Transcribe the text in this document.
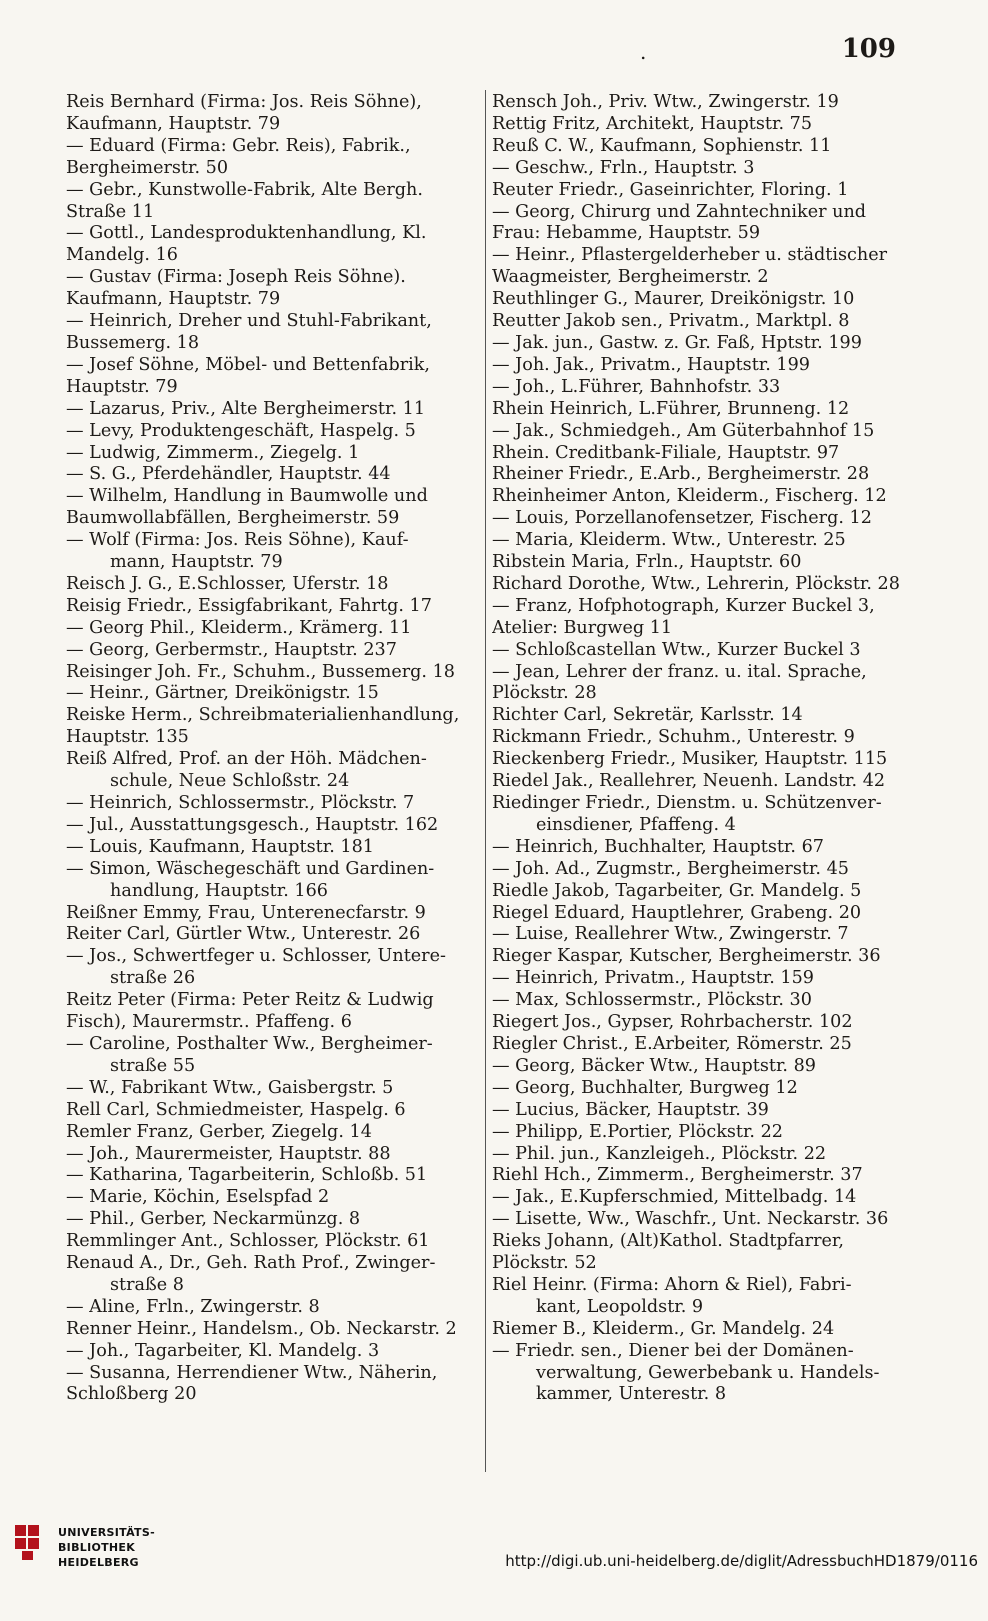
109
.
Reis Bernhard (Firma: Jos. Reis Söhne),
Kaufmann, Hauptstr. 79
— Eduard (Firma: Gebr. Reis), Fabrik.,
Bergheimerstr. 50
— Gebr., Kunstwolle-Fabrik, Alte Bergh.
Straße 11
— Gottl., Landesproduktenhandlung, Kl.
Mandelg. 16
— Gustav (Firma: Joseph Reis Söhne).
Kaufmann, Hauptstr. 79
— Heinrich, Dreher und Stuhl-Fabrikant,
Bussemerg. 18
— Josef Söhne, Möbel- und Bettenfabrik,
Hauptstr. 79
— Lazarus, Priv., Alte Bergheimerstr. 11
— Levy, Produktengeschäft, Haspelg. 5
— Ludwig, Zimmerm., Ziegelg. 1
— S. G., Pferdehändler, Hauptstr. 44
— Wilhelm, Handlung in Baumwolle und
Baumwollabfällen, Bergheimerstr. 59
— Wolf (Firma: Jos. Reis Söhne), Kauf-
mann, Hauptstr. 79
Reisch J. G., E.Schlosser, Uferstr. 18
Reisig Friedr., Essigfabrikant, Fahrtg. 17
— Georg Phil., Kleiderm., Krämerg. 11
— Georg, Gerbermstr., Hauptstr. 237
Reisinger Joh. Fr., Schuhm., Bussemerg. 18
— Heinr., Gärtner, Dreikönigstr. 15
Reiske Herm., Schreibmaterialienhandlung,
Hauptstr. 135
Reiß Alfred, Prof. an der Höh. Mädchen-
schule, Neue Schloßstr. 24
— Heinrich, Schlossermstr., Plöckstr. 7
— Jul., Ausstattungsgesch., Hauptstr. 162
— Louis, Kaufmann, Hauptstr. 181
— Simon, Wäschegeschäft und Gardinen-
handlung, Hauptstr. 166
Reißner Emmy, Frau, Unterenecfarstr. 9
Reiter Carl, Gürtler Wtw., Unterestr. 26
— Jos., Schwertfeger u. Schlosser, Untere-
straße 26
Reitz Peter (Firma: Peter Reitz & Ludwig
Fisch), Maurermstr.. Pfaffeng. 6
— Caroline, Posthalter Ww., Bergheimer-
straße 55
— W., Fabrikant Wtw., Gaisbergstr. 5
Rell Carl, Schmiedmeister, Haspelg. 6
Remler Franz, Gerber, Ziegelg. 14
— Joh., Maurermeister, Hauptstr. 88
— Katharina, Tagarbeiterin, Schloßb. 51
— Marie, Köchin, Eselspfad 2
— Phil., Gerber, Neckarmünzg. 8
Remmlinger Ant., Schlosser, Plöckstr. 61
Renaud A., Dr., Geh. Rath Prof., Zwinger-
straße 8
— Aline, Frln., Zwingerstr. 8
Renner Heinr., Handelsm., Ob. Neckarstr. 2
— Joh., Tagarbeiter, Kl. Mandelg. 3
— Susanna, Herrendiener Wtw., Näherin,
Schloßberg 20
Rensch Joh., Priv. Wtw., Zwingerstr. 19
Rettig Fritz, Architekt, Hauptstr. 75
Reuß C. W., Kaufmann, Sophienstr. 11
— Geschw., Frln., Hauptstr. 3
Reuter Friedr., Gaseinrichter, Floring. 1
— Georg, Chirurg und Zahntechniker und
Frau: Hebamme, Hauptstr. 59
— Heinr., Pflastergelderheber u. städtischer
Waagmeister, Bergheimerstr. 2
Reuthlinger G., Maurer, Dreikönigstr. 10
Reutter Jakob sen., Privatm., Marktpl. 8
— Jak. jun., Gastw. z. Gr. Faß, Hptstr. 199
— Joh. Jak., Privatm., Hauptstr. 199
— Joh., L.Führer, Bahnhofstr. 33
Rhein Heinrich, L.Führer, Brunneng. 12
— Jak., Schmiedgeh., Am Güterbahnhof 15
Rhein. Creditbank-Filiale, Hauptstr. 97
Rheiner Friedr., E.Arb., Bergheimerstr. 28
Rheinheimer Anton, Kleiderm., Fischerg. 12
— Louis, Porzellanofensetzer, Fischerg. 12
— Maria, Kleiderm. Wtw., Unterestr. 25
Ribstein Maria, Frln., Hauptstr. 60
Richard Dorothe, Wtw., Lehrerin, Plöckstr. 28
— Franz, Hofphotograph, Kurzer Buckel 3,
Atelier: Burgweg 11
— Schloßcastellan Wtw., Kurzer Buckel 3
— Jean, Lehrer der franz. u. ital. Sprache,
Plöckstr. 28
Richter Carl, Sekretär, Karlsstr. 14
Rickmann Friedr., Schuhm., Unterestr. 9
Rieckenberg Friedr., Musiker, Hauptstr. 115
Riedel Jak., Reallehrer, Neuenh. Landstr. 42
Riedinger Friedr., Dienstm. u. Schützenver-
einsdiener, Pfaffeng. 4
— Heinrich, Buchhalter, Hauptstr. 67
— Joh. Ad., Zugmstr., Bergheimerstr. 45
Riedle Jakob, Tagarbeiter, Gr. Mandelg. 5
Riegel Eduard, Hauptlehrer, Grabeng. 20
— Luise, Reallehrer Wtw., Zwingerstr. 7
Rieger Kaspar, Kutscher, Bergheimerstr. 36
— Heinrich, Privatm., Hauptstr. 159
— Max, Schlossermstr., Plöckstr. 30
Riegert Jos., Gypser, Rohrbacherstr. 102
Riegler Christ., E.Arbeiter, Römerstr. 25
— Georg, Bäcker Wtw., Hauptstr. 89
— Georg, Buchhalter, Burgweg 12
— Lucius, Bäcker, Hauptstr. 39
— Philipp, E.Portier, Plöckstr. 22
— Phil. jun., Kanzleigeh., Plöckstr. 22
Riehl Hch., Zimmerm., Bergheimerstr. 37
— Jak., E.Kupferschmied, Mittelbadg. 14
— Lisette, Ww., Waschfr., Unt. Neckarstr. 36
Rieks Johann, (Alt)Kathol. Stadtpfarrer,
Plöckstr. 52
Riel Heinr. (Firma: Ahorn & Riel), Fabri-
kant, Leopoldstr. 9
Riemer B., Kleiderm., Gr. Mandelg. 24
— Friedr. sen., Diener bei der Domänen-
verwaltung, Gewerbebank u. Handels-
kammer, Unterestr. 8
UNIVERSITÄTS-
BIBLIOTHEK
HEIDELBERG	http://digi.ub.uni-heidelberg.de/diglit/AdressbuchHD1879/0116
